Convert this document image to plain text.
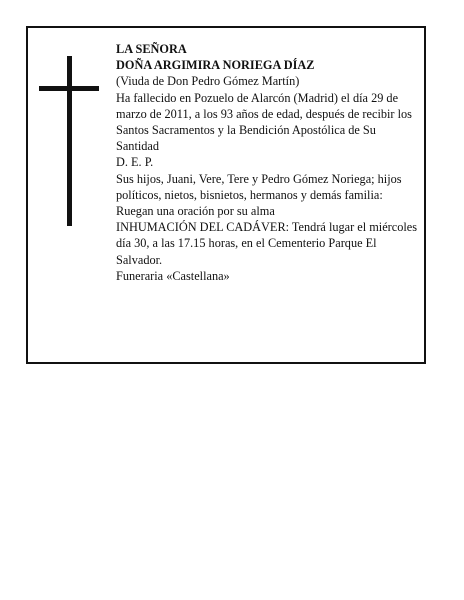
LA SEÑORA

DOÑA ARGIMIRA NORIEGA DÍAZ

(Viuda de Don Pedro Gómez Martín)

Ha fallecido en Pozuelo de Alarcón (Madrid) el día 29 de marzo de 2011, a los 93 años de edad, después de recibir los Santos Sacramentos y la Bendición Apostólica de Su Santidad

D. E. P.

Sus hijos, Juani, Vere, Tere y Pedro Gómez Noriega; hijos políticos, nietos, bisnietos, hermanos y demás familia:

Ruegan una oración por su alma

INHUMACIÓN DEL CADÁVER: Tendrá lugar el miércoles día 30, a las 17.15 horas, en el Cementerio Parque El Salvador.

Funeraria «Castellana»
